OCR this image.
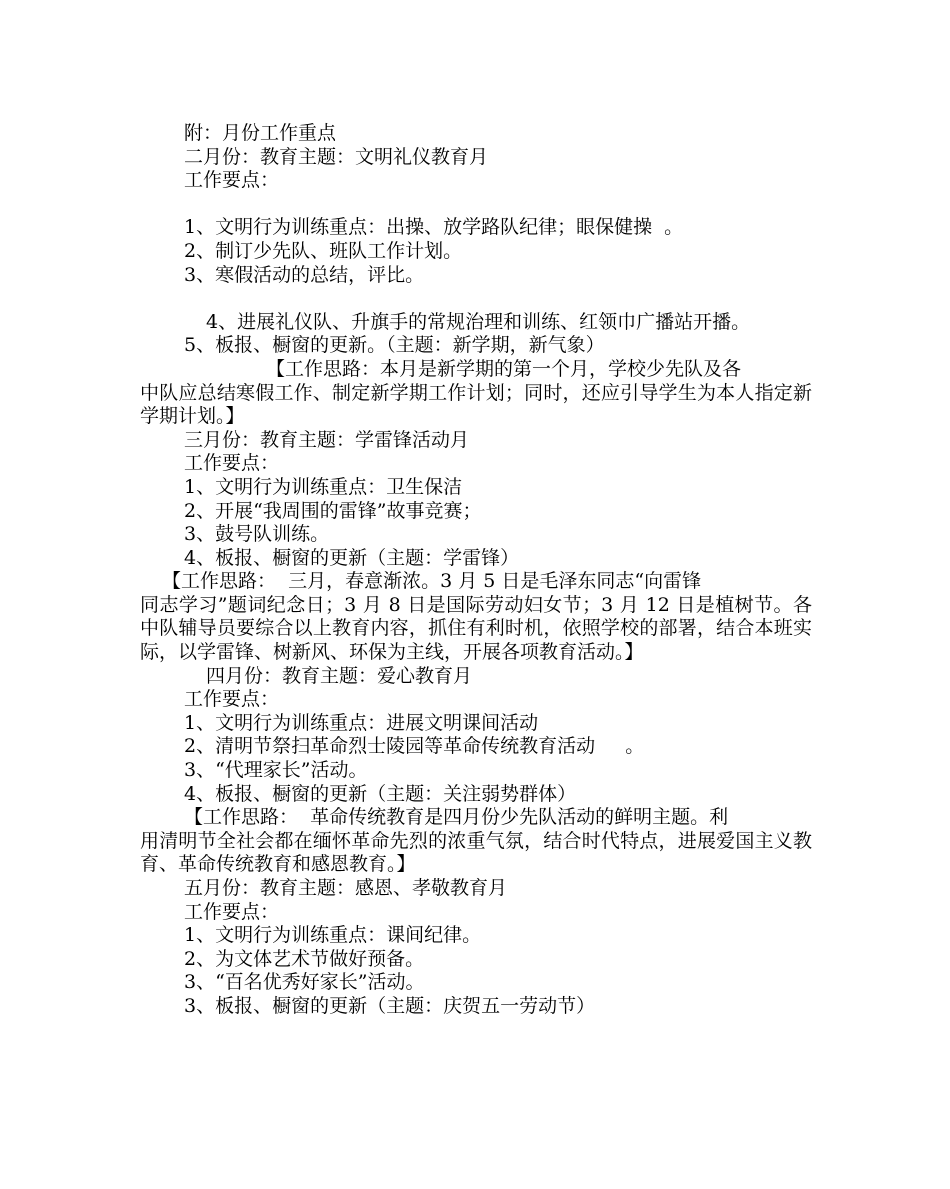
附：月份工作重点
二月份：教育主题：文明礼仪教育月
工作要点：
1、文明行为训练重点：出操、放学路队纪律；眼保健操  。
2、制订少先队、班队工作计划。
3、寒假活动的总结，评比。
4、进展礼仪队、升旗手的常规治理和训练、红领巾广播站开播。
5、板报、橱窗的更新。（主题：新学期，新气象）
【工作思路：本月是新学期的第一个月，学校少先队及各
中队应总结寒假工作、制定新学期工作计划；同时，还应引导学生为本人指定新学期计划。】
三月份：教育主题：学雷锋活动月
工作要点：
1、文明行为训练重点：卫生保洁
2、开展“我周围的雷锋”故事竞赛；
3、鼓号队训练。
4、板报、橱窗的更新（主题：学雷锋）
【工作思路：  三月，春意渐浓。3 月 5 日是毛泽东同志“向雷锋
同志学习”题词纪念日；3 月 8 日是国际劳动妇女节；3 月 12 日是植树节。各中队辅导员要综合以上教育内容，抓住有利时机，依照学校的部署，结合本班实际，以学雷锋、树新风、环保为主线，开展各项教育活动。】
四月份：教育主题：爱心教育月
工作要点：
1、文明行为训练重点：进展文明课间活动
2、清明节祭扫革命烈士陵园等革命传统教育活动     。
3、“代理家长”活动。
4、板报、橱窗的更新（主题：关注弱势群体）
【工作思路：  革命传统教育是四月份少先队活动的鲜明主题。利
用清明节全社会都在缅怀革命先烈的浓重气氛，结合时代特点，进展爱国主义教育、革命传统教育和感恩教育。】
五月份：教育主题：感恩、孝敬教育月
工作要点：
1、文明行为训练重点：课间纪律。
2、为文体艺术节做好预备。
3、“百名优秀好家长”活动。
3、板报、橱窗的更新（主题：庆贺五一劳动节）
